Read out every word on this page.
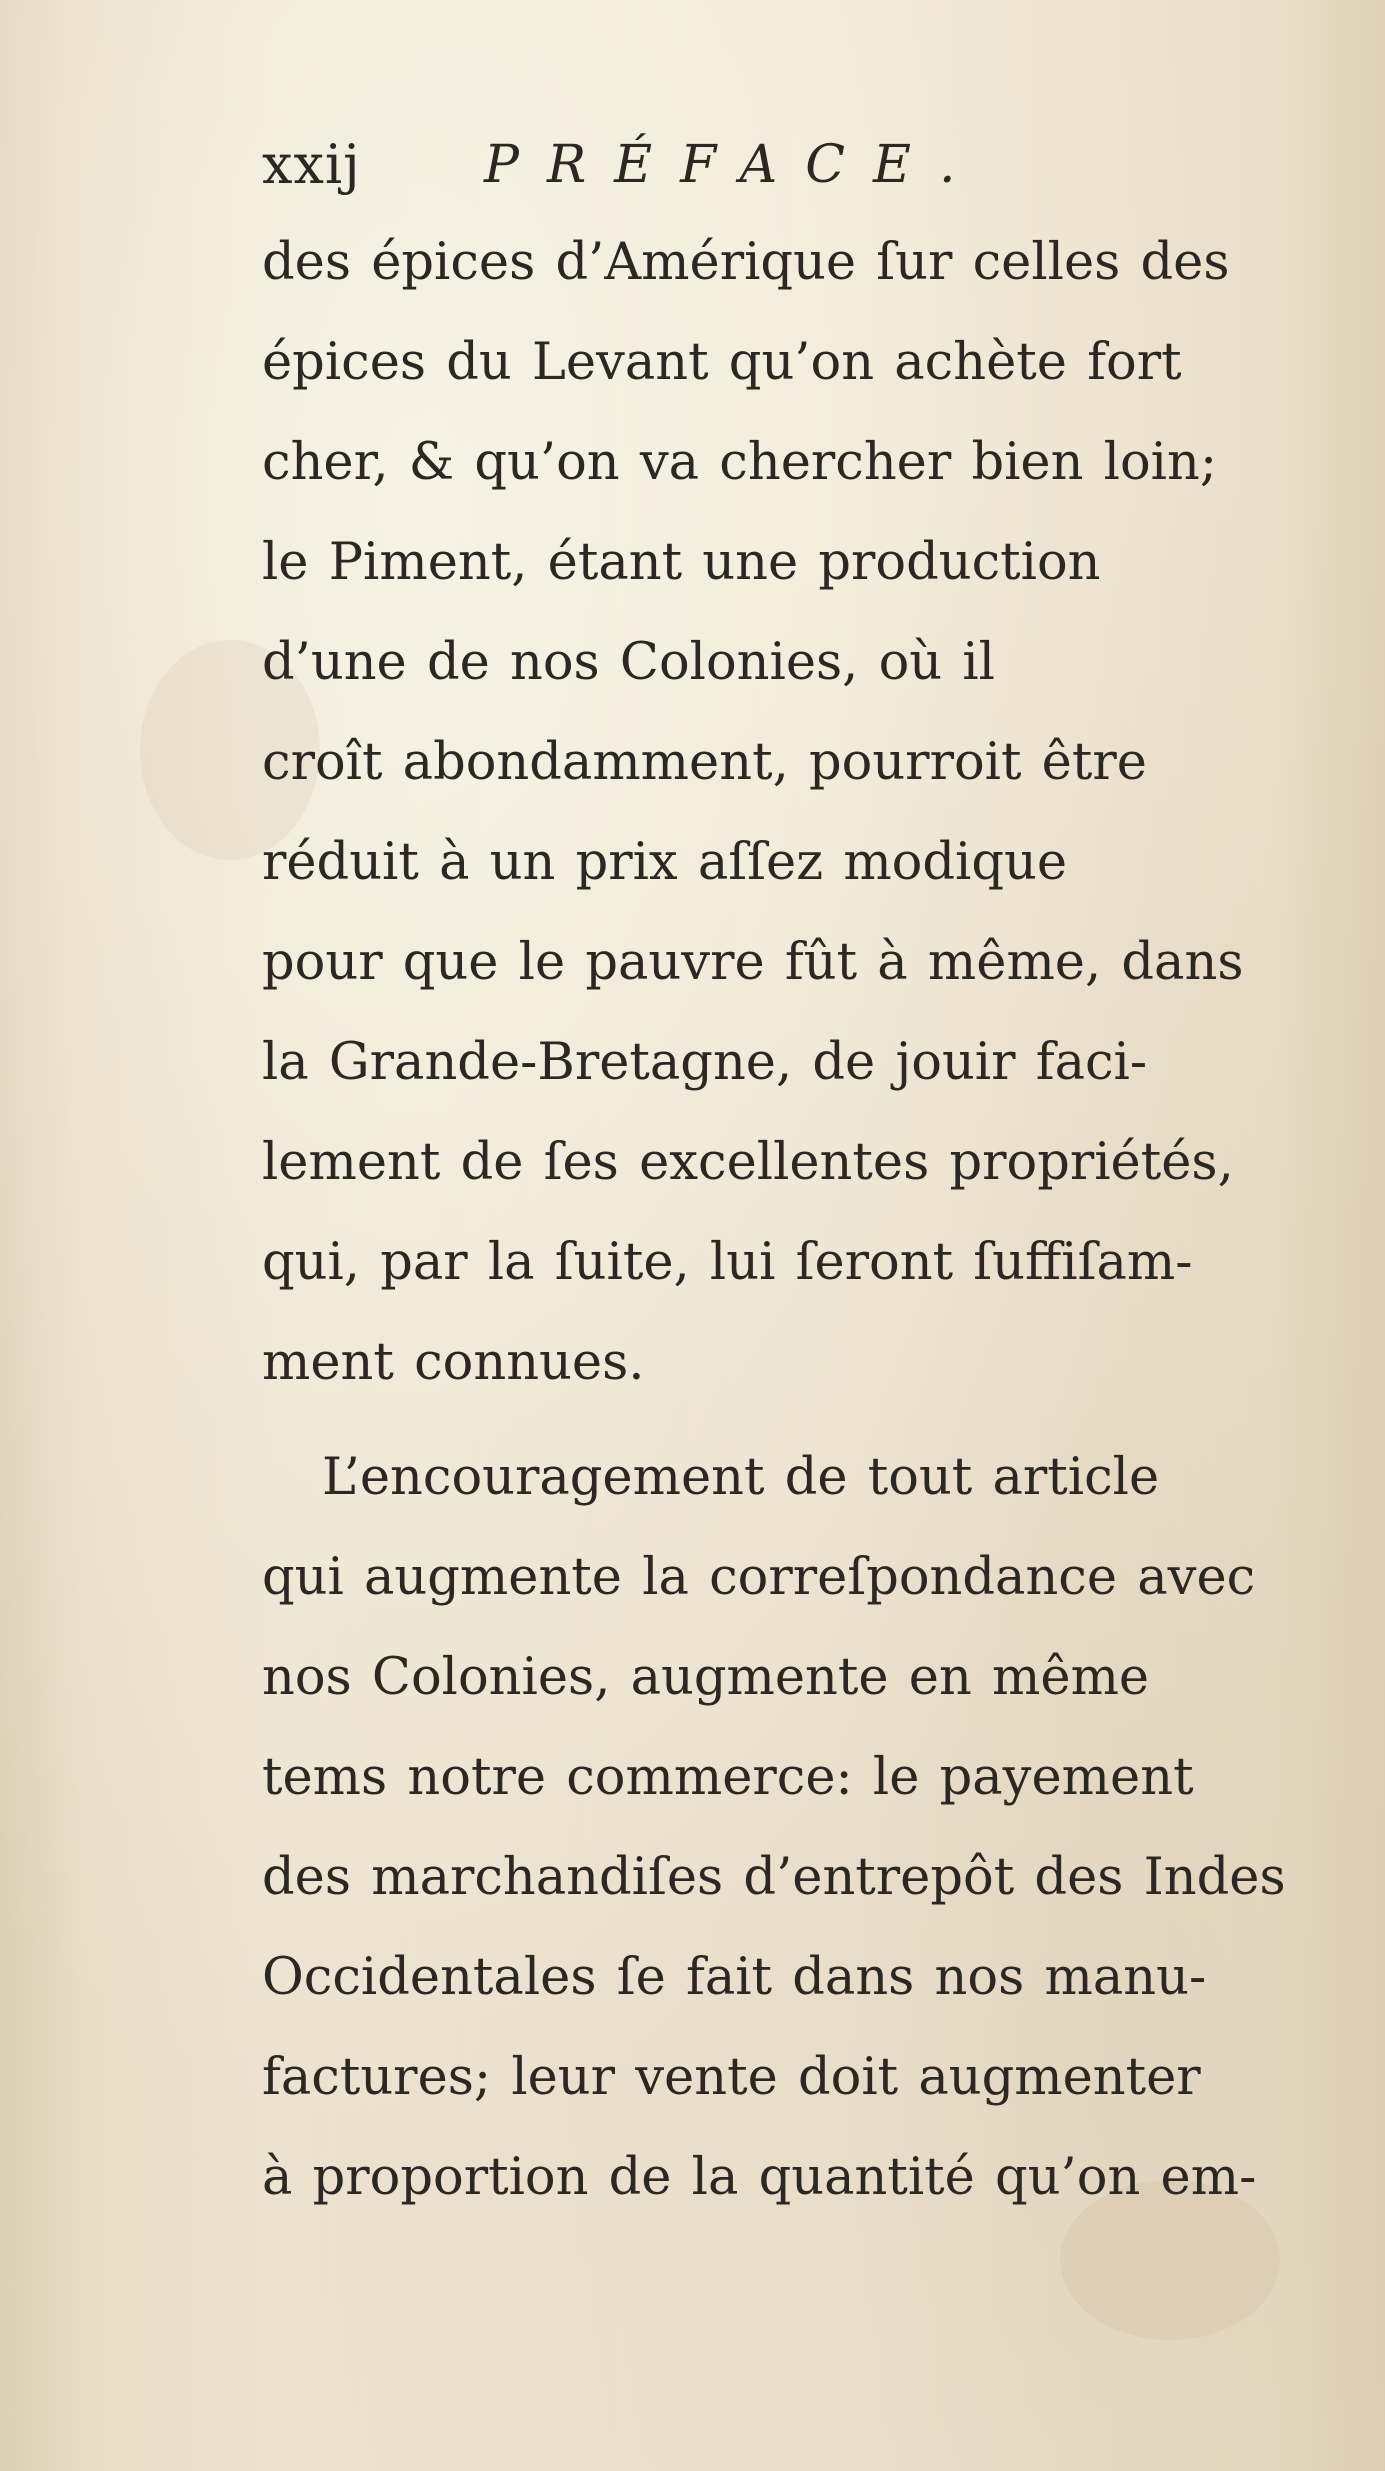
xxij PRÉFACE.
des épices d’Amérique ſur celles des
épices du Levant qu’on achète fort
cher, & qu’on va chercher bien loin;
le Piment, étant une production
d’une de nos Colonies, où il
croît abondamment, pourroit être
réduit à un prix aſſez modique
pour que le pauvre fût à même, dans
la Grande-Bretagne, de jouir faci-
lement de ſes excellentes propriétés,
qui, par la ſuite, lui ſeront ſuffiſam-
ment connues.
L’encouragement de tout article
qui augmente la correſpondance avec
nos Colonies, augmente en même
tems notre commerce: le payement
des marchandiſes d’entrepôt des Indes
Occidentales ſe fait dans nos manu-
factures; leur vente doit augmenter
à proportion de la quantité qu’on em-
